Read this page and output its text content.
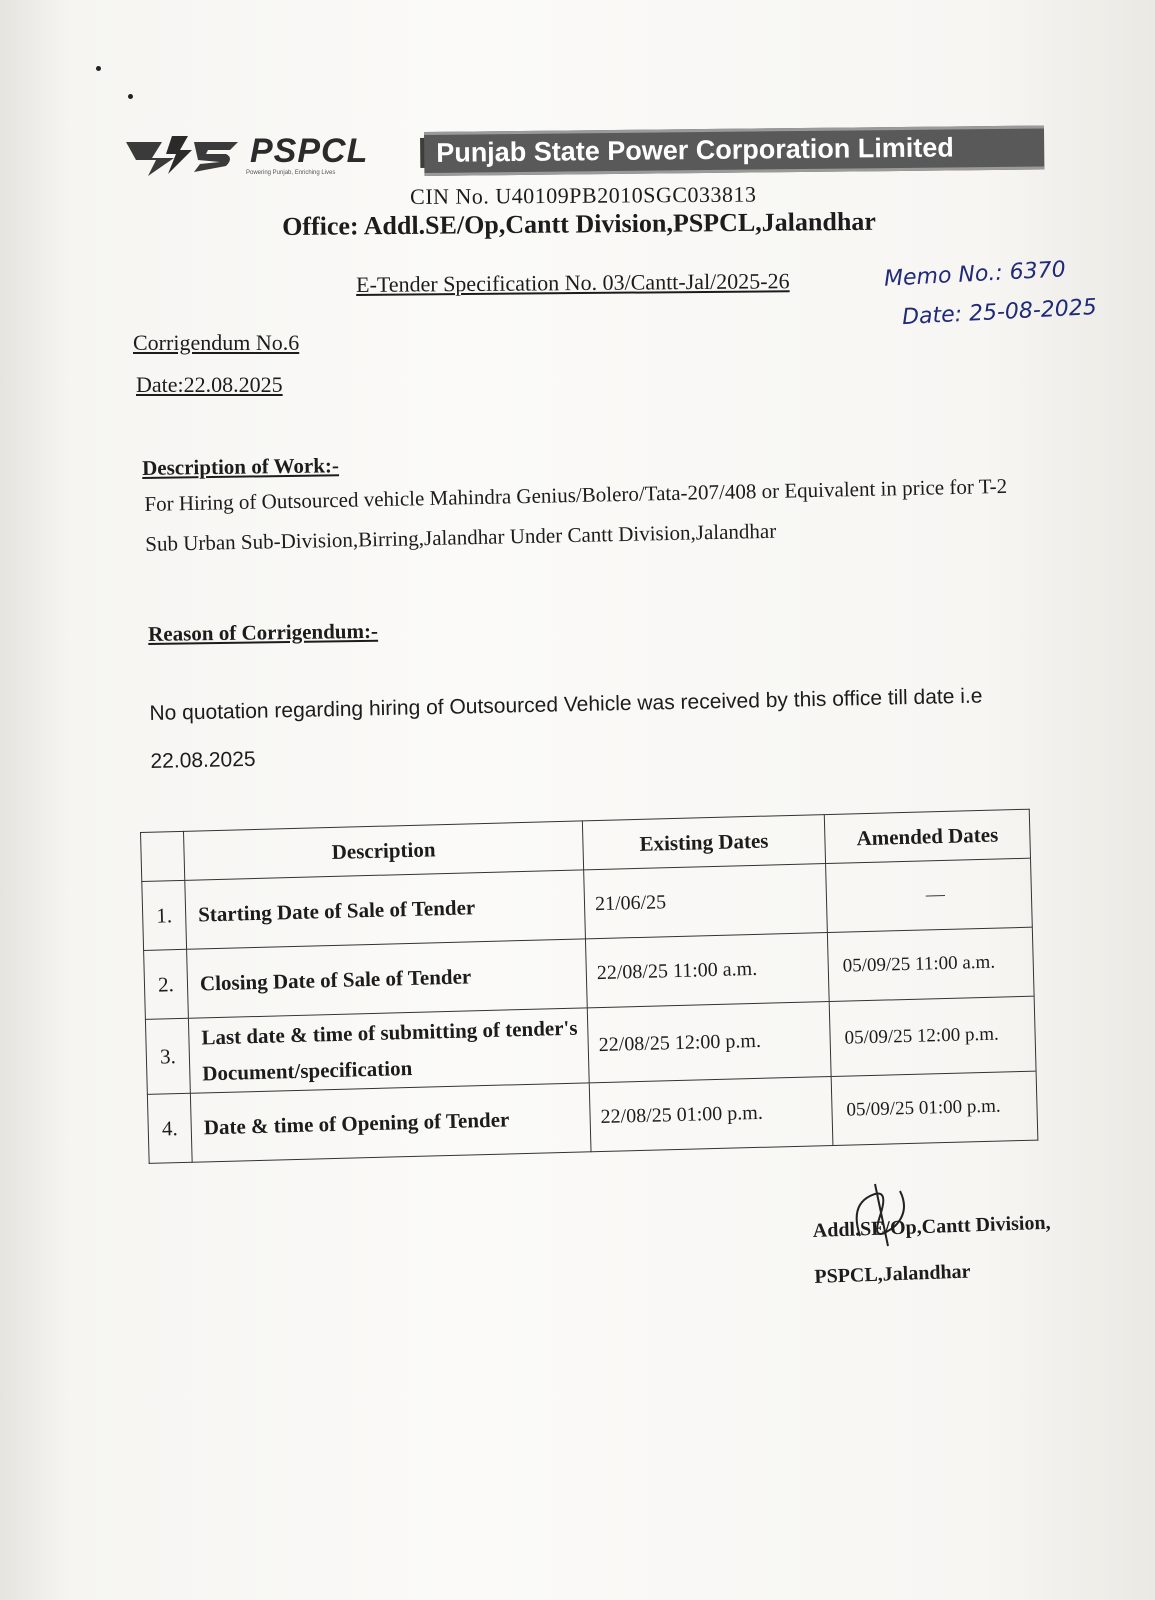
PSPCL
Powering Punjab, Enriching Lives
Punjab State Power Corporation Limited
CIN No. U40109PB2010SGC033813
Office: Addl.SE/Op,Cantt Division,PSPCL,Jalandhar
E-Tender Specification No. 03/Cantt-Jal/2025-26	Memo No.: 6370
Date: 25-08-2025
Corrigendum No.6
Date:22.08.2025
Description of Work:-
For Hiring of Outsourced vehicle Mahindra Genius/Bolero/Tata-207/408 or Equivalent in price for T-2 Sub Urban Sub-Division,Birring,Jalandhar Under Cantt Division,Jalandhar
Reason of Corrigendum:-
No quotation regarding hiring of Outsourced Vehicle was received by this office till date i.e 22.08.2025
	Description	Existing Dates	Amended Dates
1.	Starting Date of Sale of Tender	21/06/25	—
2.	Closing Date of Sale of Tender	22/08/25 11:00 a.m.	05/09/25 11:00 a.m.
3.	Last date & time of submitting of tender's Document/specification	22/08/25 12:00 p.m.	05/09/25 12:00 p.m.
4.	Date & time of Opening of Tender	22/08/25 01:00 p.m.	05/09/25 01:00 p.m.
Addl.SE/Op,Cantt Division,
PSPCL,Jalandhar
